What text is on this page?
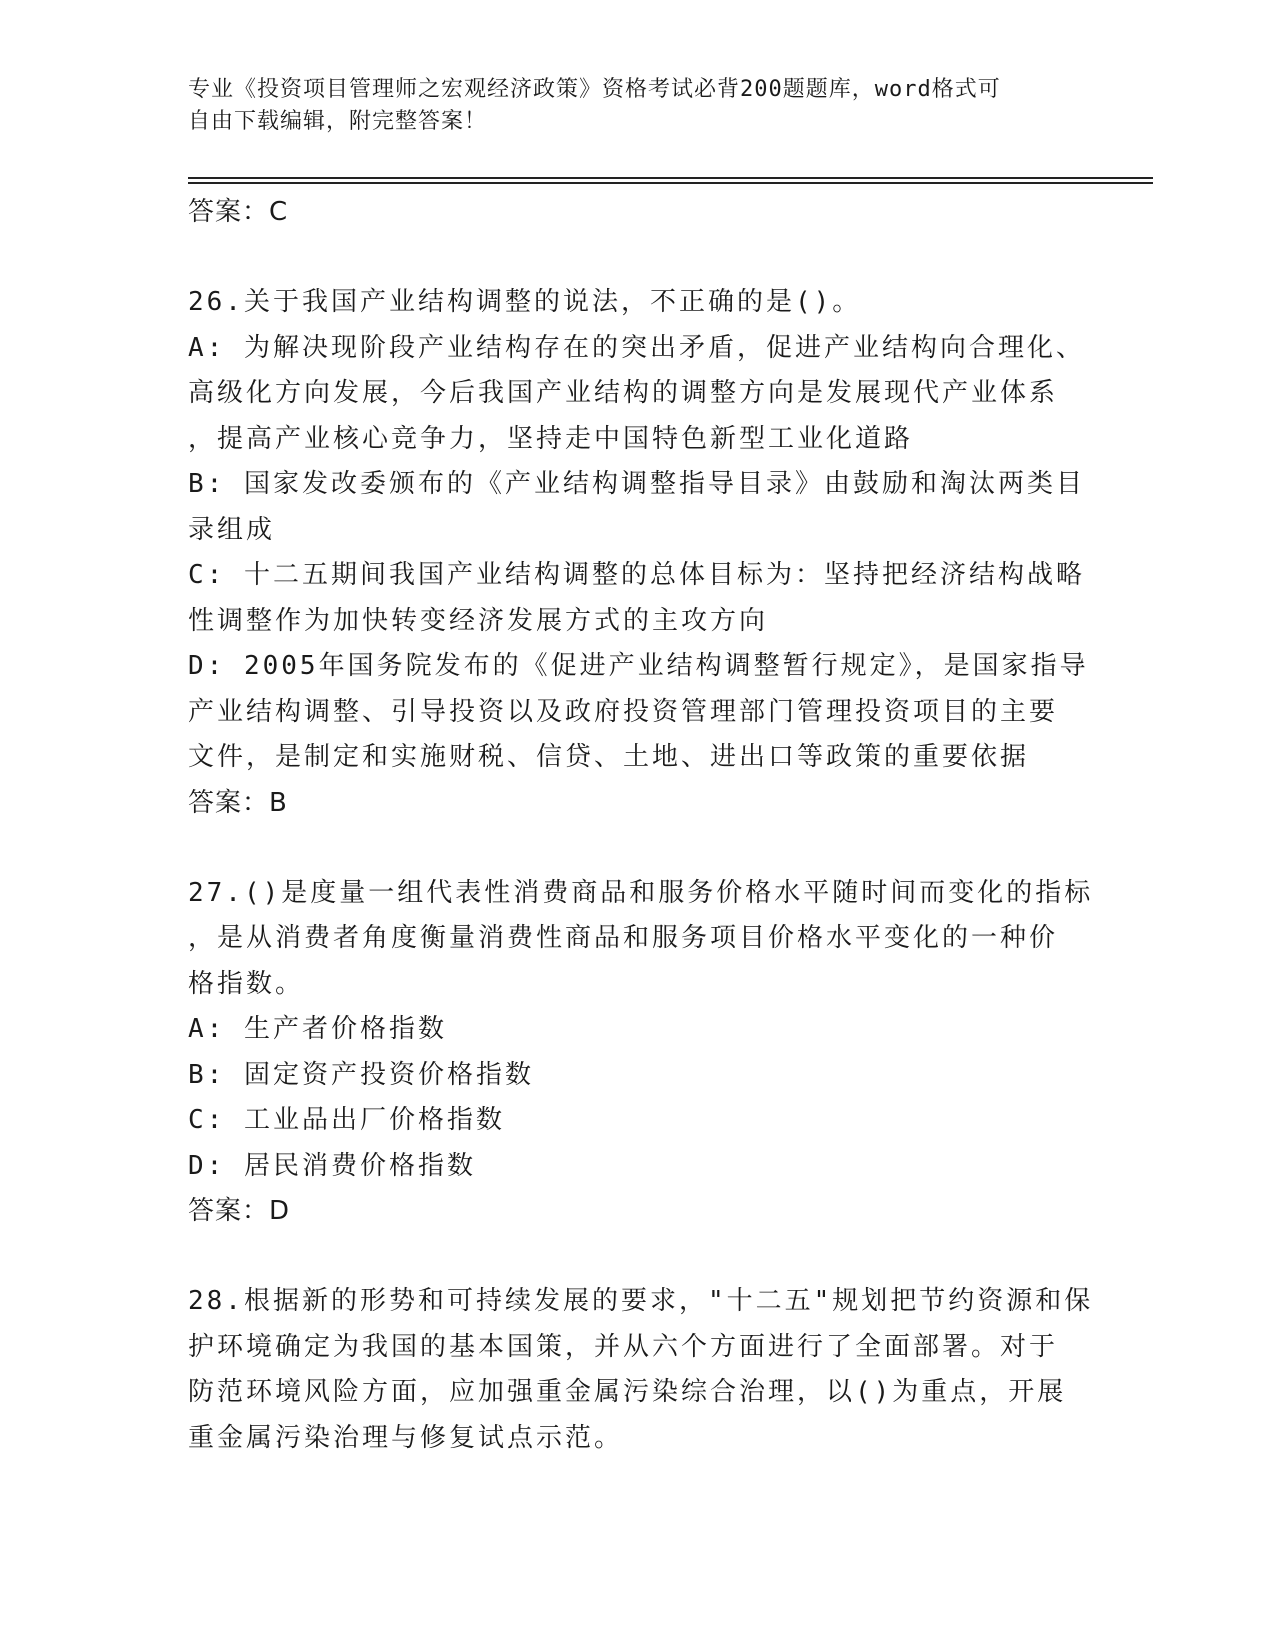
专业《投资项目管理师之宏观经济政策》资格考试必背200题题库，word格式可

自由下载编辑，附完整答案！

答案：C
26.关于我国产业结构调整的说法，不正确的是()。
A: 为解决现阶段产业结构存在的突出矛盾，促进产业结构向合理化、
高级化方向发展，今后我国产业结构的调整方向是发展现代产业体系
，提高产业核心竞争力，坚持走中国特色新型工业化道路
B: 国家发改委颁布的《产业结构调整指导目录》由鼓励和淘汰两类目
录组成
C: 十二五期间我国产业结构调整的总体目标为：坚持把经济结构战略
性调整作为加快转变经济发展方式的主攻方向
D: 2005年国务院发布的《促进产业结构调整暂行规定》，是国家指导
产业结构调整、引导投资以及政府投资管理部门管理投资项目的主要
文件，是制定和实施财税、信贷、土地、进出口等政策的重要依据
答案：B
27.()是度量一组代表性消费商品和服务价格水平随时间而变化的指标
，是从消费者角度衡量消费性商品和服务项目价格水平变化的一种价
格指数。
A: 生产者价格指数
B: 固定资产投资价格指数
C: 工业品出厂价格指数
D: 居民消费价格指数
答案：D
28.根据新的形势和可持续发展的要求，"十二五"规划把节约资源和保
护环境确定为我国的基本国策，并从六个方面进行了全面部署。对于
防范环境风险方面，应加强重金属污染综合治理，以()为重点，开展
重金属污染治理与修复试点示范。
